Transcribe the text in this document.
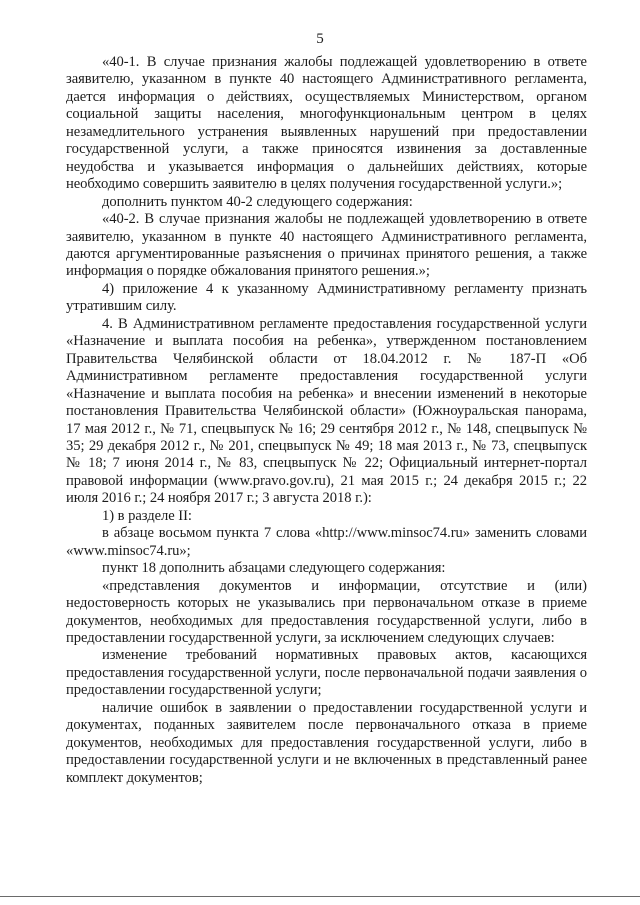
5

«40-1. В случае признания жалобы подлежащей удовлетворению в ответе заявителю, указанном в пункте 40 настоящего Административного регламента, дается информация о действиях, осуществляемых Министерством, органом социальной защиты населения, многофункциональным центром в целях незамедлительного устранения выявленных нарушений при предоставлении государственной услуги, а также приносятся извинения за доставленные неудобства и указывается информация о дальнейших действиях, которые необходимо совершить заявителю в целях получения государственной услуги.»;

дополнить пунктом 40-2 следующего содержания:

«40-2. В случае признания жалобы не подлежащей удовлетворению в ответе заявителю, указанном в пункте 40 настоящего Административного регламента, даются аргументированные разъяснения о причинах принятого решения, а также информация о порядке обжалования принятого решения.»;

4) приложение 4 к указанному Административному регламенту признать утратившим силу.

4. В Административном регламенте предоставления государственной услуги «Назначение и выплата пособия на ребенка», утвержденном постановлением Правительства Челябинской области от 18.04.2012 г. № 187-П «Об Административном регламенте предоставления государственной услуги «Назначение и выплата пособия на ребенка» и внесении изменений в некоторые постановления Правительства Челябинской области» (Южноуральская панорама, 17 мая 2012 г., № 71, спецвыпуск № 16; 29 сентября 2012 г., № 148, спецвыпуск № 35; 29 декабря 2012 г., № 201, спецвыпуск № 49; 18 мая 2013 г., № 73, спецвыпуск № 18; 7 июня 2014 г., № 83, спецвыпуск № 22; Официальный интернет-портал правовой информации (www.pravo.gov.ru), 21 мая 2015 г.; 24 декабря 2015 г.; 22 июля 2016 г.; 24 ноября 2017 г.; 3 августа 2018 г.):

1) в разделе II:

в абзаце восьмом пункта 7 слова «http://www.minsoc74.ru» заменить словами «www.minsoc74.ru»;

пункт 18 дополнить абзацами следующего содержания:

«представления документов и информации, отсутствие и (или) недостоверность которых не указывались при первоначальном отказе в приеме документов, необходимых для предоставления государственной услуги, либо в предоставлении государственной услуги, за исключением следующих случаев:

изменение требований нормативных правовых актов, касающихся предоставления государственной услуги, после первоначальной подачи заявления о предоставлении государственной услуги;

наличие ошибок в заявлении о предоставлении государственной услуги и документах, поданных заявителем после первоначального отказа в приеме документов, необходимых для предоставления государственной услуги, либо в предоставлении государственной услуги и не включенных в представленный ранее комплект документов;
